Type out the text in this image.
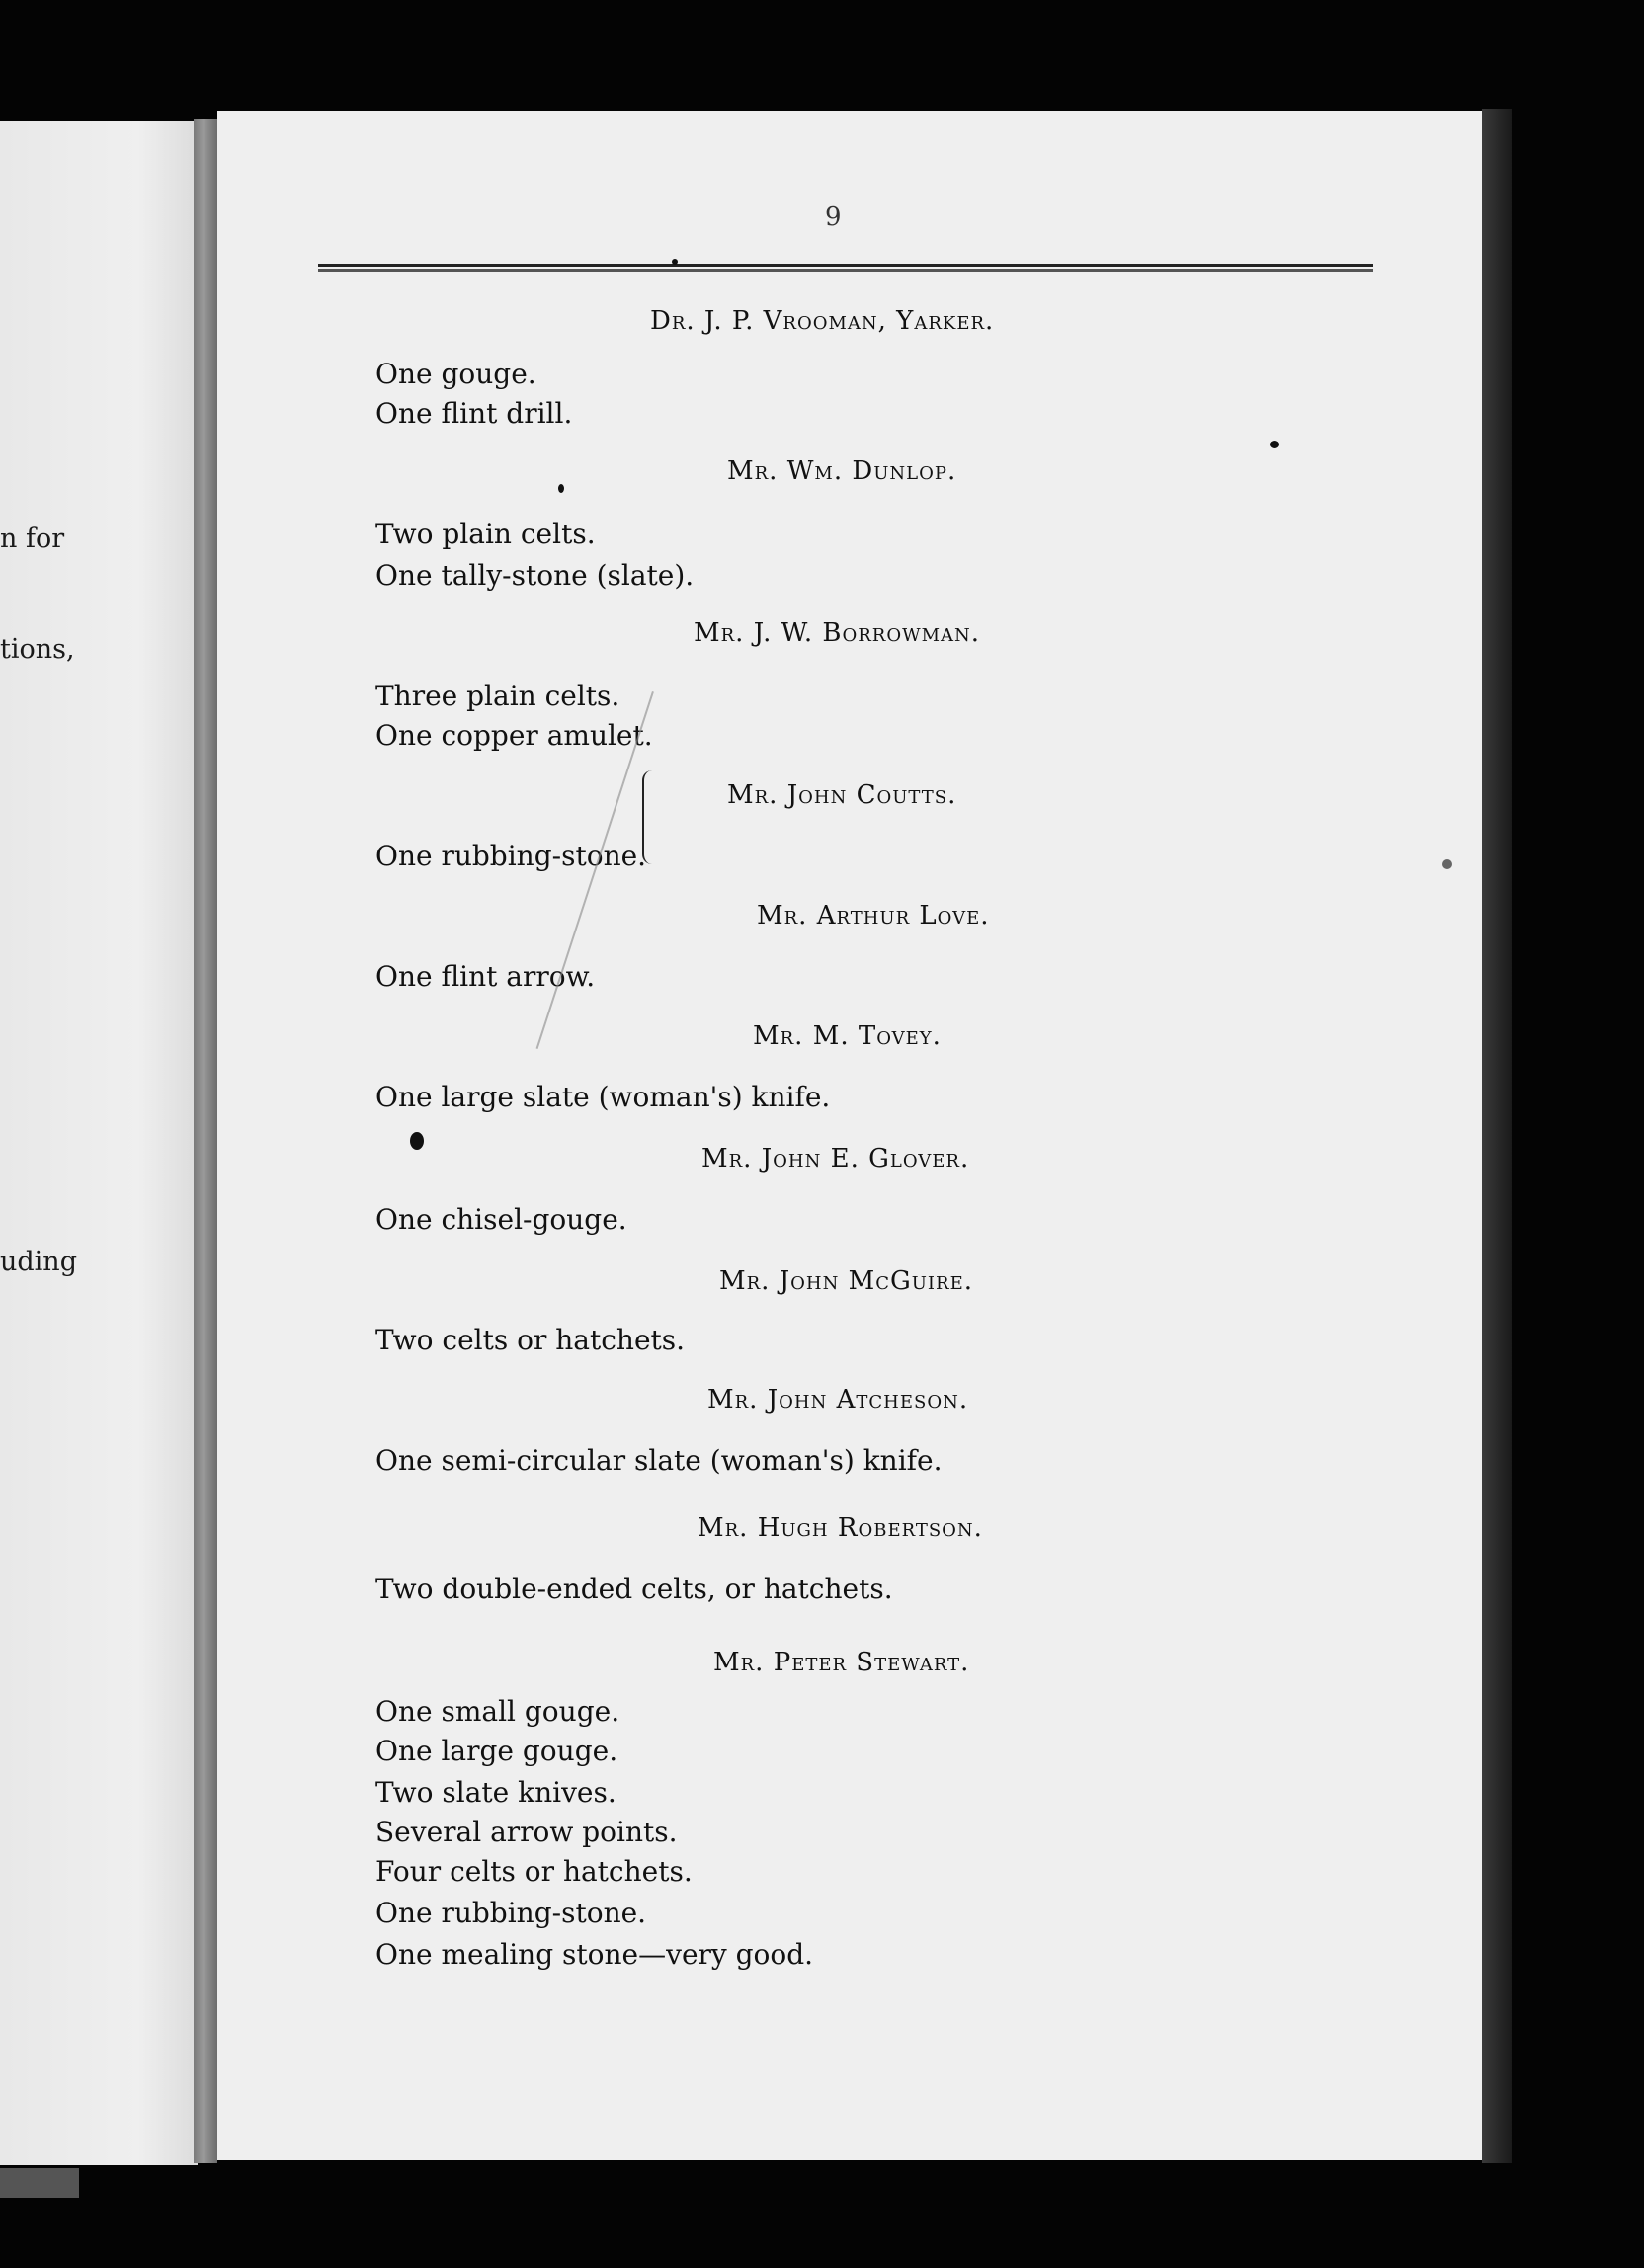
n for
tions,
uding
9
Dr. J. P. Vrooman, Yarker.
One gouge.
One flint drill.
Mr. Wm. Dunlop.
Two plain celts.
One tally-stone (slate).
Mr. J. W. Borrowman.
Three plain celts.
One copper amulet.
Mr. John Coutts.
One rubbing-stone.
Mr. Arthur Love.
One flint arrow.
Mr. M. Tovey.
One large slate (woman's) knife.
Mr. John E. Glover.
One chisel-gouge.
Mr. John McGuire.
Two celts or hatchets.
Mr. John Atcheson.
One semi-circular slate (woman's) knife.
Mr. Hugh Robertson.
Two double-ended celts, or hatchets.
Mr. Peter Stewart.
One small gouge.
One large gouge.
Two slate knives.
Several arrow points.
Four celts or hatchets.
One rubbing-stone.
One mealing stone—very good.
